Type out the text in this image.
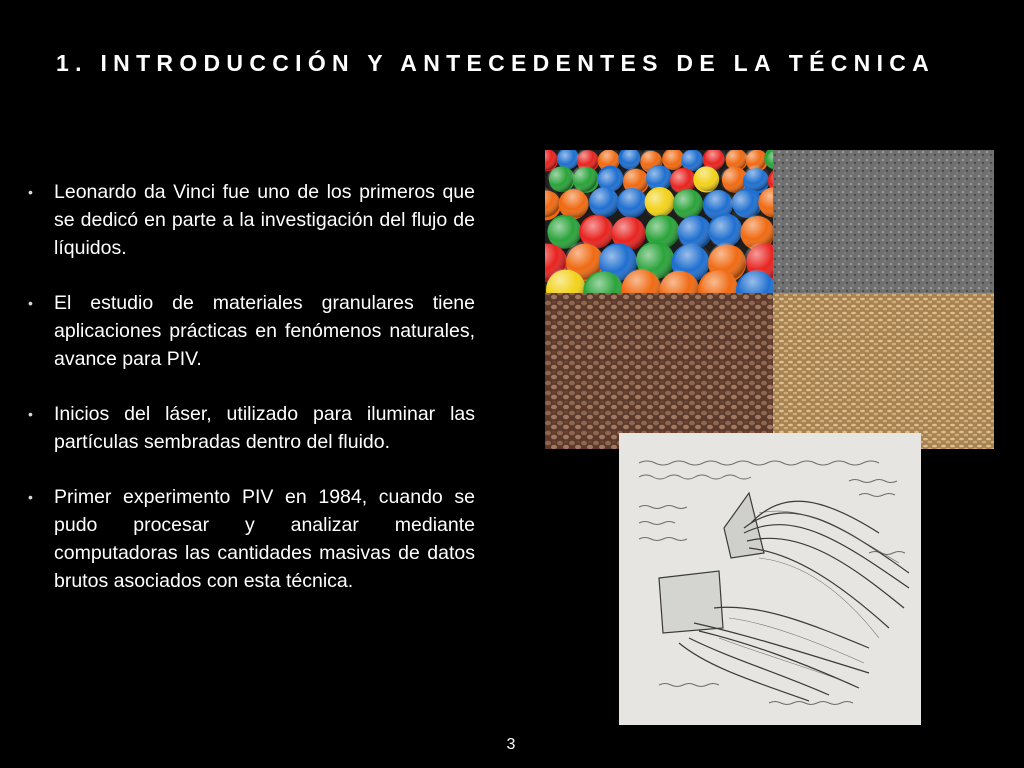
1. INTRODUCCIÓN Y ANTECEDENTES DE LA TÉCNICA
• Leonardo da Vinci fue uno de los primeros que se dedicó en parte a la investigación del flujo de líquidos.
• El estudio de materiales granulares tiene aplicaciones prácticas en fenómenos naturales, avance para PIV.
• Inicios del láser, utilizado para iluminar las partículas sembradas dentro del fluido.
• Primer experimento PIV en 1984, cuando se pudo procesar y analizar mediante computadoras las cantidades masivas de datos brutos asociados con esta técnica.
3
